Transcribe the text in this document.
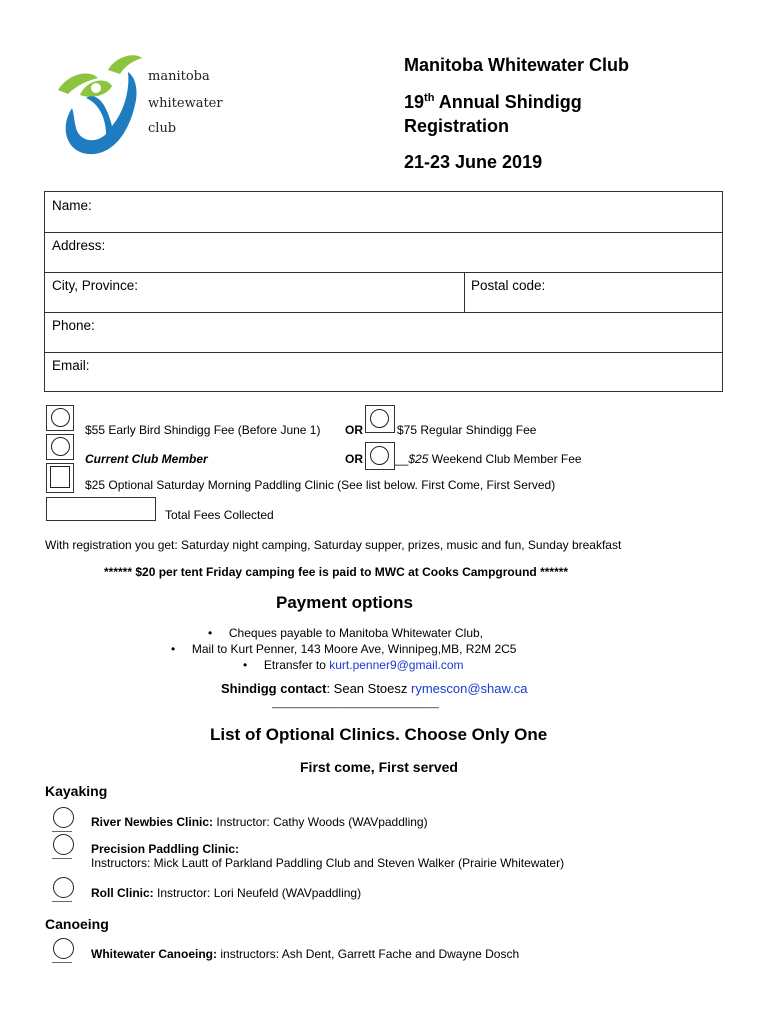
manitoba
whitewater
club
Manitoba Whitewater Club
19th Annual Shindigg
Registration
21-23 June 2019
Name:
Address:
City, Province:	Postal code:
Phone:
Email:
$55 Early Bird Shindigg Fee (Before June 1) OR	$75 Regular Shindigg Fee
Current Club Member	OR	__$25 Weekend Club Member Fee
$25 Optional Saturday Morning Paddling Clinic (See list below. First Come, First Served)
Total Fees Collected
With registration you get: Saturday night camping, Saturday supper, prizes, music and fun, Sunday breakfast
****** $20 per tent Friday camping fee is paid to MWC at Cooks Campground ******
Payment options
• Cheques payable to Manitoba Whitewater Club,
• Mail to Kurt Penner, 143 Moore Ave, Winnipeg,MB, R2M 2C5
• Etransfer to kurt.penner9@gmail.com
Shindigg contact: Sean Stoesz rymescon@shaw.ca
______________________________
List of Optional Clinics. Choose Only One
First come, First served
Kayaking
River Newbies Clinic: Instructor: Cathy Woods (WAVpaddling)
Precision Paddling Clinic:
Instructors: Mick Lautt of Parkland Paddling Club and Steven Walker (Prairie Whitewater)
Roll Clinic: Instructor: Lori Neufeld (WAVpaddling)
Canoeing
Whitewater Canoeing: instructors: Ash Dent, Garrett Fache and Dwayne Dosch
